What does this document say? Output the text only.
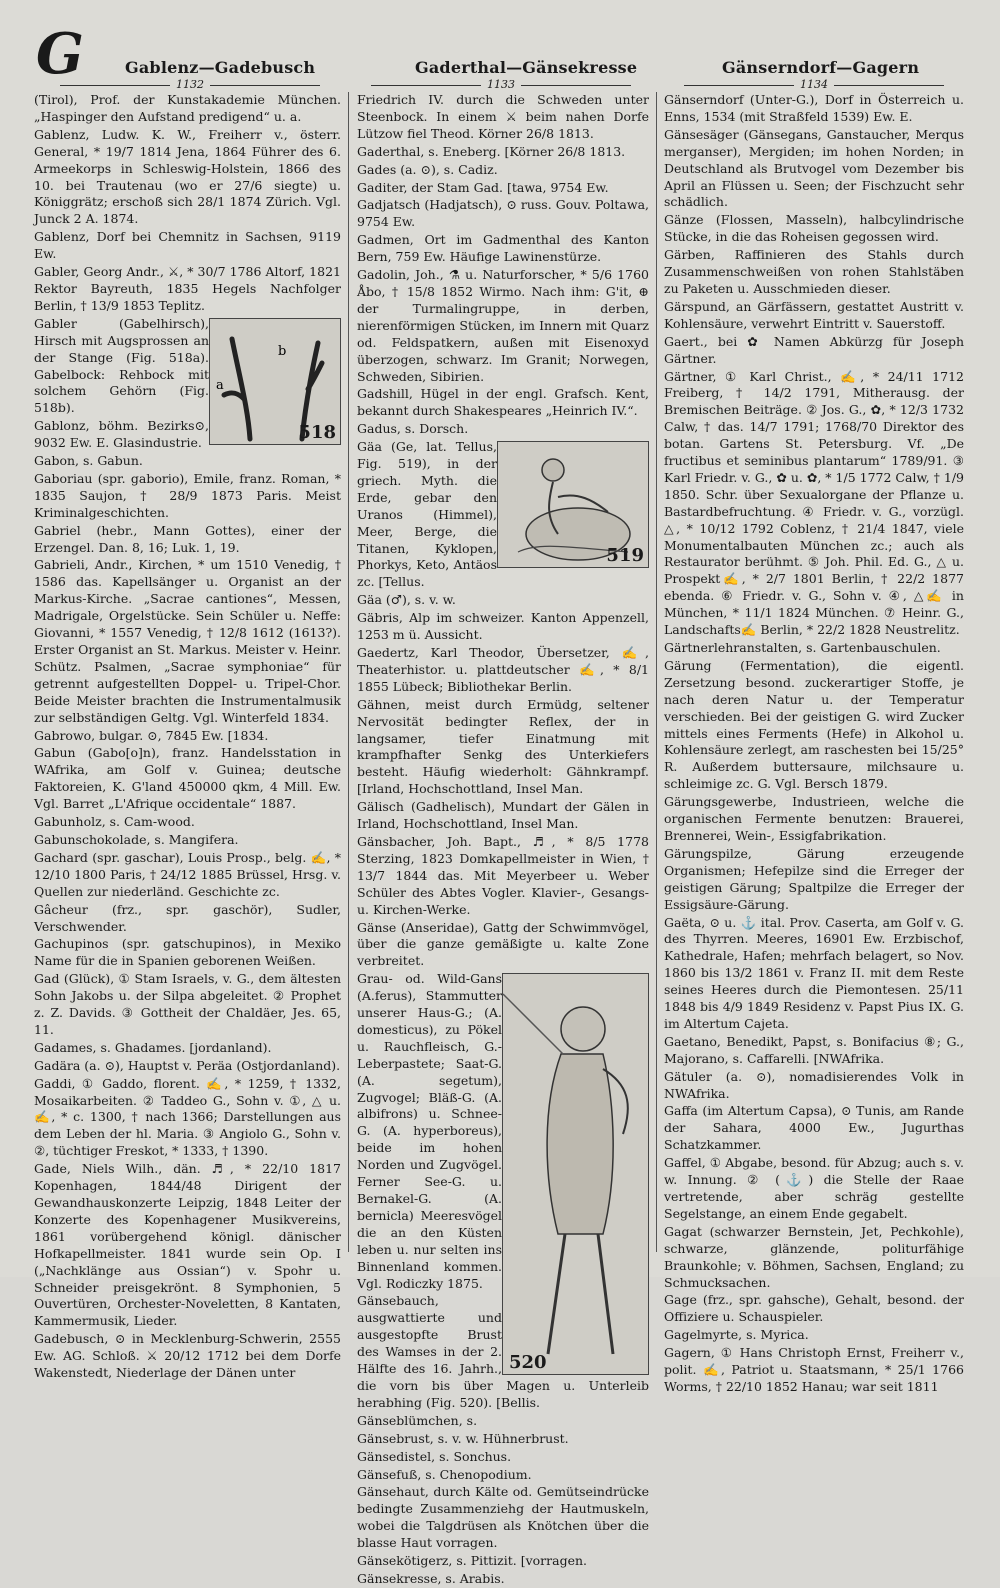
G	Gablenz—Gadebusch	Gaderthal—Gänsekresse	Gänserndorf—Gagern
1132	1133	1134

(Tirol), Prof. der Kunstakademie München. „Haspinger den Aufstand predigend“ u. a.

Gablenz, Ludw. K. W., Freiherr v., österr. General, * 19/7 1814 Jena, 1864 Führer des 6. Armeekorps in Schleswig-Holstein, 1866 des 10. bei Trautenau (wo er 27/6 siegte) u. Königgrätz; erschoß sich 28/1 1874 Zürich. Vgl. Junck 2 A. 1874.

Gablenz, Dorf bei Chemnitz in Sachsen, 9119 Ew.

Gabler, Georg Andr., ⚔, * 30/7 1786 Altorf, 1821 Rektor Bayreuth, 1835 Hegels Nachfolger Berlin, † 13/9 1853 Teplitz.

a
b
518

Gabler (Gabelhirsch), Hirsch mit Augsprossen an der Stange (Fig. 518a). Gabelbock: Rehbock mit solchem Gehörn (Fig. 518b).

Gablonz, böhm. Bezirks⊙, 9032 Ew. E. Glasindustrie.

Gabon, s. Gabun.

Gaboriau (spr. gaborio), Emile, franz. Roman, * 1835 Saujon, † 28/9 1873 Paris. Meist Kriminalgeschichten.

Gabriel (hebr., Mann Gottes), einer der Erzengel. Dan. 8, 16; Luk. 1, 19.

Gabrieli, Andr., Kirchen, * um 1510 Venedig, † 1586 das. Kapellsänger u. Organist an der Markus-Kirche. „Sacrae cantiones“, Messen, Madrigale, Orgelstücke. Sein Schüler u. Neffe: Giovanni, * 1557 Venedig, † 12/8 1612 (1613?). Erster Organist an St. Markus. Meister v. Heinr. Schütz. Psalmen, „Sacrae symphoniae“ für getrennt aufgestellten Doppel- u. Tripel-Chor. Beide Meister brachten die Instrumentalmusik zur selbständigen Geltg. Vgl. Winterfeld 1834.

Gabrowo, bulgar. ⊙, 7845 Ew. [1834.

Gabun (Gabo[o]n), franz. Handelsstation in WAfrika, am Golf v. Guinea; deutsche Faktoreien, K. G'land 450000 qkm, 4 Mill. Ew. Vgl. Barret „L'Afrique occidentale“ 1887.

Gabunholz, s. Cam-wood.

Gabunschokolade, s. Mangifera.

Gachard (spr. gaschar), Louis Prosp., belg. ✍, * 12/10 1800 Paris, † 24/12 1885 Brüssel, Hrsg. v. Quellen zur niederländ. Geschichte zc.

Gâcheur (frz., spr. gaschör), Sudler, Verschwender.

Gachupinos (spr. gatschupinos), in Mexiko Name für die in Spanien geborenen Weißen.

Gad (Glück), ① Stam Israels, v. G., dem ältesten Sohn Jakobs u. der Silpa abgeleitet. ② Prophet z. Z. Davids. ③ Gottheit der Chaldäer, Jes. 65, 11.

Gadames, s. Ghadames. [jordanland).

Gadära (a. ⊙), Hauptst v. Peräa (Ostjordanland).

Gaddi, ① Gaddo, florent. ✍, * 1259, † 1332, Mosaikarbeiten. ② Taddeo G., Sohn v. ①, △ u. ✍, * c. 1300, † nach 1366; Darstellungen aus dem Leben der hl. Maria. ③ Angiolo G., Sohn v. ②, tüchtiger Freskot, * 1333, † 1390.

Gade, Niels Wilh., dän. ♬, * 22/10 1817 Kopenhagen, 1844/48 Dirigent der Gewandhauskonzerte Leipzig, 1848 Leiter der Konzerte des Kopenhagener Musikvereins, 1861 vorübergehend königl. dänischer Hofkapellmeister. 1841 wurde sein Op. I („Nachklänge aus Ossian“) v. Spohr u. Schneider preisgekrönt. 8 Symphonien, 5 Ouvertüren, Orchester-Noveletten, 8 Kantaten, Kammermusik, Lieder.

Gadebusch, ⊙ in Mecklenburg-Schwerin, 2555 Ew. AG. Schloß. ⚔ 20/12 1712 bei dem Dorfe Wakenstedt, Niederlage der Dänen unter

Friedrich IV. durch die Schweden unter Steenbock. In einem ⚔ beim nahen Dorfe Lützow fiel Theod. Körner 26/8 1813.

Gaderthal, s. Eneberg. [Körner 26/8 1813.

Gades (a. ⊙), s. Cadiz.

Gaditer, der Stam Gad. [tawa, 9754 Ew.

Gadjatsch (Hadjatsch), ⊙ russ. Gouv. Poltawa, 9754 Ew.

Gadmen, Ort im Gadmenthal des Kanton Bern, 759 Ew. Häufige Lawinenstürze.

Gadolin, Joh., ⚗ u. Naturforscher, * 5/6 1760 Åbo, † 15/8 1852 Wirmo. Nach ihm: G'it, ⊕ der Turmalingruppe, in derben, nierenförmigen Stücken, im Innern mit Quarz od. Feldspatkern, außen mit Eisenoxyd überzogen, schwarz. Im Granit; Norwegen, Schweden, Sibirien.

Gadshill, Hügel in der engl. Grafsch. Kent, bekannt durch Shakespeares „Heinrich IV.“.

Gadus, s. Dorsch.

519

Gäa (Ge, lat. Tellus, Fig. 519), in der griech. Myth. die Erde, gebar den Uranos (Himmel), Meer, Berge, die Titanen, Kyklopen, Phorkys, Keto, Antäos zc. [Tellus.

Gäa (♂), s. v. w.

Gäbris, Alp im schweizer. Kanton Appenzell, 1253 m ü. Aussicht.

Gaedertz, Karl Theodor, Übersetzer, ✍, Theaterhistor. u. plattdeutscher ✍, * 8/1 1855 Lübeck; Bibliothekar Berlin.

Gähnen, meist durch Ermüdg, seltener Nervosität bedingter Reflex, der in langsamer, tiefer Einatmung mit krampfhafter Senkg des Unterkiefers besteht. Häufig wiederholt: Gähnkrampf. [Irland, Hochschottland, Insel Man.

Gälisch (Gadhelisch), Mundart der Gälen in Irland, Hochschottland, Insel Man.

Gänsbacher, Joh. Bapt., ♬, * 8/5 1778 Sterzing, 1823 Domkapellmeister in Wien, † 13/7 1844 das. Mit Meyerbeer u. Weber Schüler des Abtes Vogler. Klavier-, Gesangs- u. Kirchen-Werke.

Gänse (Anseridae), Gattg der Schwimmvögel, über die ganze gemäßigte u. kalte Zone verbreitet.

520

Grau- od. Wild-Gans (A.ferus), Stammutter unserer Haus-G.; (A. domesticus), zu Pökel u. Rauchfleisch, G.-Leberpastete; Saat-G. (A. segetum), Zugvogel; Bläß-G. (A. albifrons) u. Schnee-G. (A. hyperboreus), beide im hohen Norden und Zugvögel. Ferner See-G. u. Bernakel-G. (A. bernicla) Meeresvögel die an den Küsten leben u. nur selten ins Binnenland kommen. Vgl. Rodiczky 1875.

Gänsebauch, ausgwattierte und ausgestopfte Brust des Wamses in der 2. Hälfte des 16. Jahrh., die vorn bis über Magen u. Unterleib herabhing (Fig. 520). [Bellis.

Gänseblümchen, s.

Gänsebrust, s. v. w. Hühnerbrust.

Gänsedistel, s. Sonchus.

Gänsefuß, s. Chenopodium.

Gänsehaut, durch Kälte od. Gemütseindrücke bedingte Zusammenziehg der Hautmuskeln, wobei die Talgdrüsen als Knötchen über die blasse Haut vorragen.

Gänsekötigerz, s. Pittizit. [vorragen.

Gänsekresse, s. Arabis.

Gänserndorf (Unter-G.), Dorf in Österreich u. Enns, 1534 (mit Straßfeld 1539) Ew. E.

Gänsesäger (Gänsegans, Ganstaucher, Merqus merganser), Mergiden; im hohen Norden; in Deutschland als Brutvogel vom Dezember bis April an Flüssen u. Seen; der Fischzucht sehr schädlich.

Gänze (Flossen, Masseln), halbcylindrische Stücke, in die das Roheisen gegossen wird.

Gärben, Raffinieren des Stahls durch Zusammenschweißen von rohen Stahlstäben zu Paketen u. Ausschmieden dieser.

Gärspund, an Gärfässern, gestattet Austritt v. Kohlensäure, verwehrt Eintritt v. Sauerstoff.

Gaert., bei ✿ Namen Abkürzg für Joseph Gärtner.

Gärtner, ① Karl Christ., ✍, * 24/11 1712 Freiberg, † 14/2 1791, Mitherausg. der Bremischen Beiträge. ② Jos. G., ✿, * 12/3 1732 Calw, † das. 14/7 1791; 1768/70 Direktor des botan. Gartens St. Petersburg. Vf. „De fructibus et seminibus plantarum“ 1789/91. ③ Karl Friedr. v. G., ✿ u. ✿, * 1/5 1772 Calw, † 1/9 1850. Schr. über Sexualorgane der Pflanze u. Bastardbefruchtung. ④ Friedr. v. G., vorzügl. △, * 10/12 1792 Coblenz, † 21/4 1847, viele Monumentalbauten München zc.; auch als Restaurator berühmt. ⑤ Joh. Phil. Ed. G., △ u. Prospekt✍, * 2/7 1801 Berlin, † 22/2 1877 ebenda. ⑥ Friedr. v. G., Sohn v. ④, △✍ in München, * 11/1 1824 München. ⑦ Heinr. G., Landschafts✍ Berlin, * 22/2 1828 Neustrelitz.

Gärtnerlehranstalten, s. Gartenbauschulen.

Gärung (Fermentation), die eigentl. Zersetzung besond. zuckerartiger Stoffe, je nach deren Natur u. der Temperatur verschieden. Bei der geistigen G. wird Zucker mittels eines Ferments (Hefe) in Alkohol u. Kohlensäure zerlegt, am raschesten bei 15/25° R. Außerdem buttersaure, milchsaure u. schleimige zc. G. Vgl. Bersch 1879.

Gärungsgewerbe, Industrieen, welche die organischen Fermente benutzen: Brauerei, Brennerei, Wein-, Essigfabrikation.

Gärungspilze, Gärung erzeugende Organismen; Hefepilze sind die Erreger der geistigen Gärung; Spaltpilze die Erreger der Essigsäure-Gärung.

Gaëta, ⊙ u. ⚓ ital. Prov. Caserta, am Golf v. G. des Thyrren. Meeres, 16901 Ew. Erzbischof, Kathedrale, Hafen; mehrfach belagert, so Nov. 1860 bis 13/2 1861 v. Franz II. mit dem Reste seines Heeres durch die Piemontesen. 25/11 1848 bis 4/9 1849 Residenz v. Papst Pius IX. G. im Altertum Cajeta.

Gaetano, Benedikt, Papst, s. Bonifacius ⑧; G., Majorano, s. Caffarelli. [NWAfrika.

Gätuler (a. ⊙), nomadisierendes Volk in NWAfrika.

Gaffa (im Altertum Capsa), ⊙ Tunis, am Rande der Sahara, 4000 Ew., Jugurthas Schatzkammer.

Gaffel, ① Abgabe, besond. für Abzug; auch s. v. w. Innung. ② (⚓) die Stelle der Raae vertretende, aber schräg gestellte Segelstange, an einem Ende gegabelt.

Gagat (schwarzer Bernstein, Jet, Pechkohle), schwarze, glänzende, politurfähige Braunkohle; v. Böhmen, Sachsen, England; zu Schmucksachen.

Gage (frz., spr. gahsche), Gehalt, besond. der Offiziere u. Schauspieler.

Gagelmyrte, s. Myrica.

Gagern, ① Hans Christoph Ernst, Freiherr v., polit. ✍, Patriot u. Staatsmann, * 25/1 1766 Worms, † 22/10 1852 Hanau; war seit 1811
